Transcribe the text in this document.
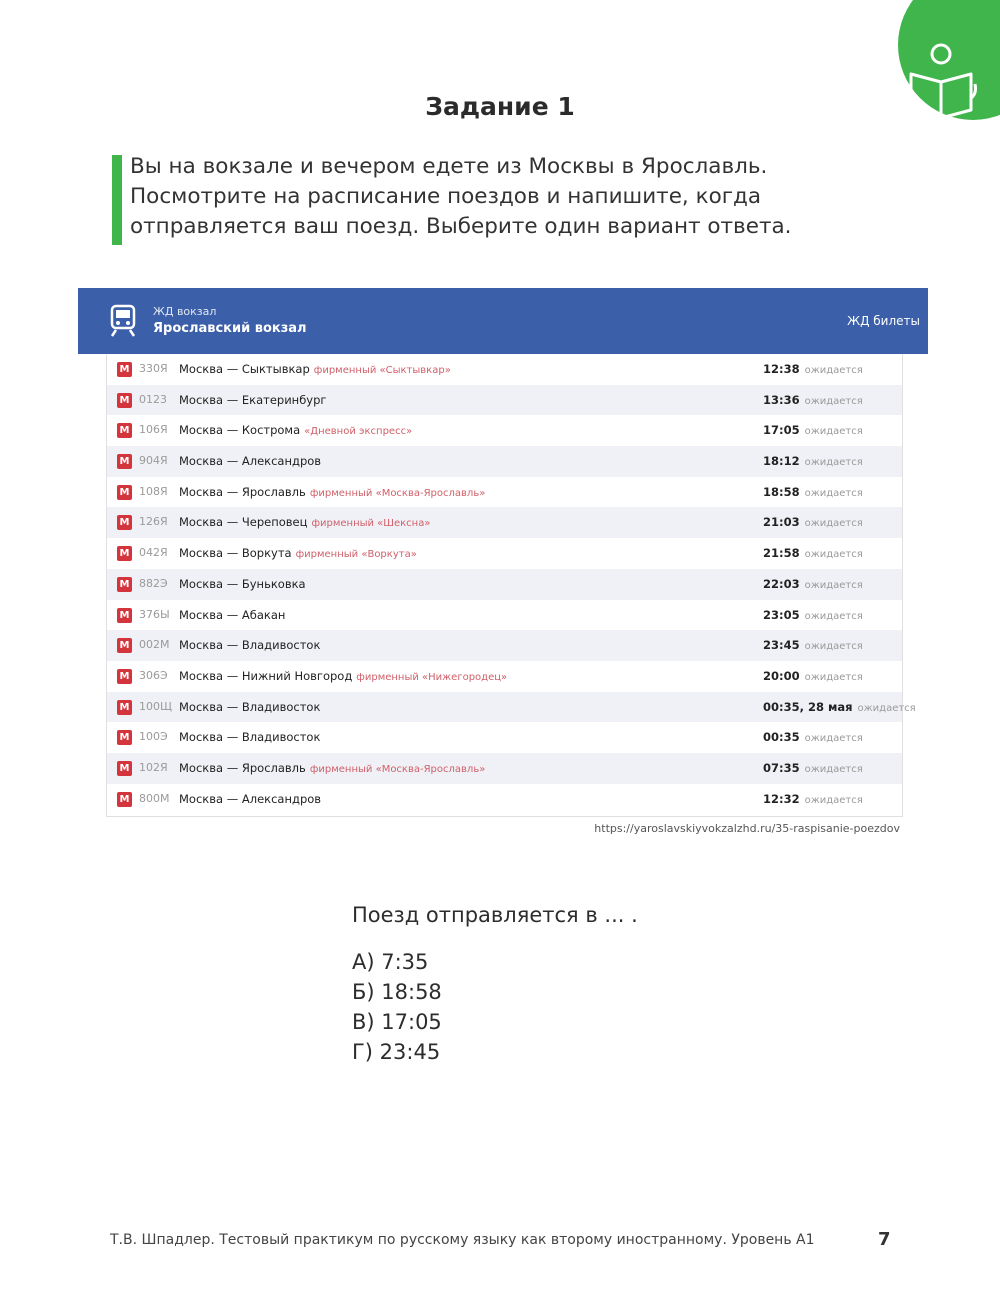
Задание 1
Вы на вокзале и вечером едете из Москвы в Ярославль.
Посмотрите на расписание поездов и напишите, когда
отправляется ваш поезд. Выберите один вариант ответа.
ЖД вокзал
Ярославский вокзал	ЖД билеты
M
330Я Москва — Сыктывкар фирменный «Сыктывкар»	12:38 ожидается
M
0123 Москва — Екатеринбург	13:36 ожидается
M
106Я Москва — Кострома «Дневной экспресс»	17:05 ожидается
M
904Я Москва — Александров	18:12 ожидается
M
108Я Москва — Ярославль фирменный «Москва-Ярославль»	18:58 ожидается
M
126Я Москва — Череповец фирменный «Шексна»	21:03 ожидается
M
042Я Москва — Воркута фирменный «Воркута»	21:58 ожидается
M
882Э Москва — Буньковка	22:03 ожидается
M
376Ы Москва — Абакан	23:05 ожидается
M
002М Москва — Владивосток	23:45 ожидается
M
306Э Москва — Нижний Новгород фирменный «Нижегородец»	20:00 ожидается
M
100Щ Москва — Владивосток	00:35, 28 мая ожидается
M
100Э Москва — Владивосток	00:35 ожидается
M
102Я Москва — Ярославль фирменный «Москва-Ярославль»	07:35 ожидается
M
800М Москва — Александров	12:32 ожидается
https://yaroslavskiyvokzalzhd.ru/35-raspisanie-poezdov
Поезд отправляется в ... .
А) 7:35
Б) 18:58
В) 17:05
Г) 23:45
Т.В. Шпадлер. Тестовый практикум по русскому языку как второму иностранному. Уровень А1	7
